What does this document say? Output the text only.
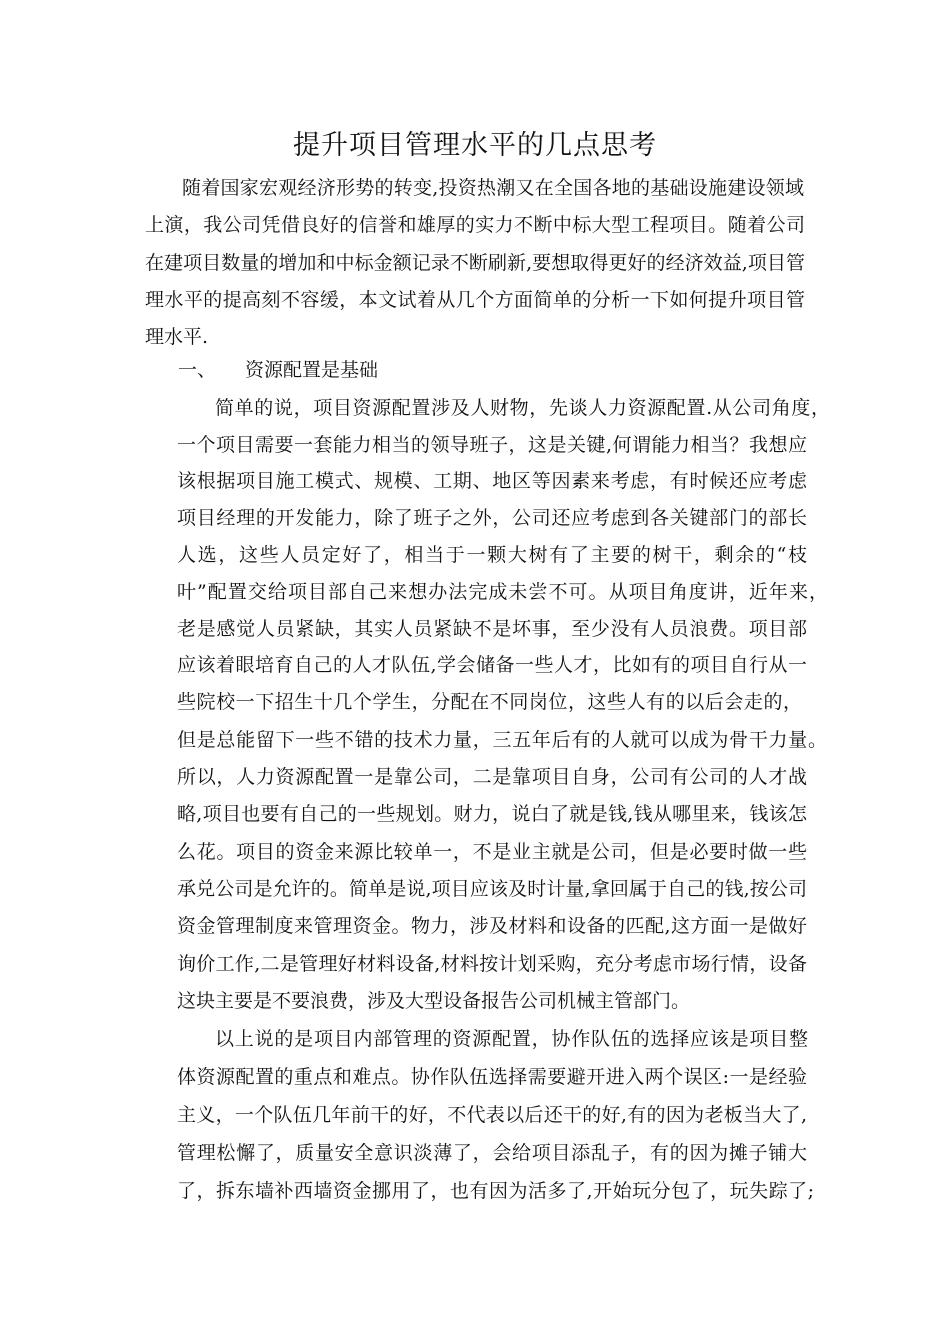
提升项目管理水平的几点思考
随着国家宏观经济形势的转变,投资热潮又在全国各地的基础设施建设领域
上演，我公司凭借良好的信誉和雄厚的实力不断中标大型工程项目。随着公司
在建项目数量的增加和中标金额记录不断刷新,要想取得更好的经济效益,项目管
理水平的提高刻不容缓，本文试着从几个方面简单的分析一下如何提升项目管
理水平.
一、 资源配置是基础
简单的说，项目资源配置涉及人财物，先谈人力资源配置.从公司角度，
一个项目需要一套能力相当的领导班子，这是关键,何谓能力相当？我想应
该根据项目施工模式、规模、工期、地区等因素来考虑，有时候还应考虑
项目经理的开发能力，除了班子之外，公司还应考虑到各关键部门的部长
人选，这些人员定好了，相当于一颗大树有了主要的树干，剩余的“枝
叶”配置交给项目部自己来想办法完成未尝不可。从项目角度讲，近年来，
老是感觉人员紧缺，其实人员紧缺不是坏事，至少没有人员浪费。项目部
应该着眼培育自己的人才队伍,学会储备一些人才，比如有的项目自行从一
些院校一下招生十几个学生，分配在不同岗位，这些人有的以后会走的，
但是总能留下一些不错的技术力量，三五年后有的人就可以成为骨干力量。
所以，人力资源配置一是靠公司，二是靠项目自身，公司有公司的人才战
略,项目也要有自己的一些规划。财力，说白了就是钱,钱从哪里来，钱该怎
么花。项目的资金来源比较单一，不是业主就是公司，但是必要时做一些
承兑公司是允许的。简单是说,项目应该及时计量,拿回属于自己的钱,按公司
资金管理制度来管理资金。物力，涉及材料和设备的匹配,这方面一是做好
询价工作,二是管理好材料设备,材料按计划采购，充分考虑市场行情，设备
这块主要是不要浪费，涉及大型设备报告公司机械主管部门。
以上说的是项目内部管理的资源配置，协作队伍的选择应该是项目整
体资源配置的重点和难点。协作队伍选择需要避开进入两个误区:一是经验
主义，一个队伍几年前干的好，不代表以后还干的好,有的因为老板当大了,
管理松懈了，质量安全意识淡薄了，会给项目添乱子，有的因为摊子铺大
了，拆东墙补西墙资金挪用了，也有因为活多了,开始玩分包了，玩失踪了;
